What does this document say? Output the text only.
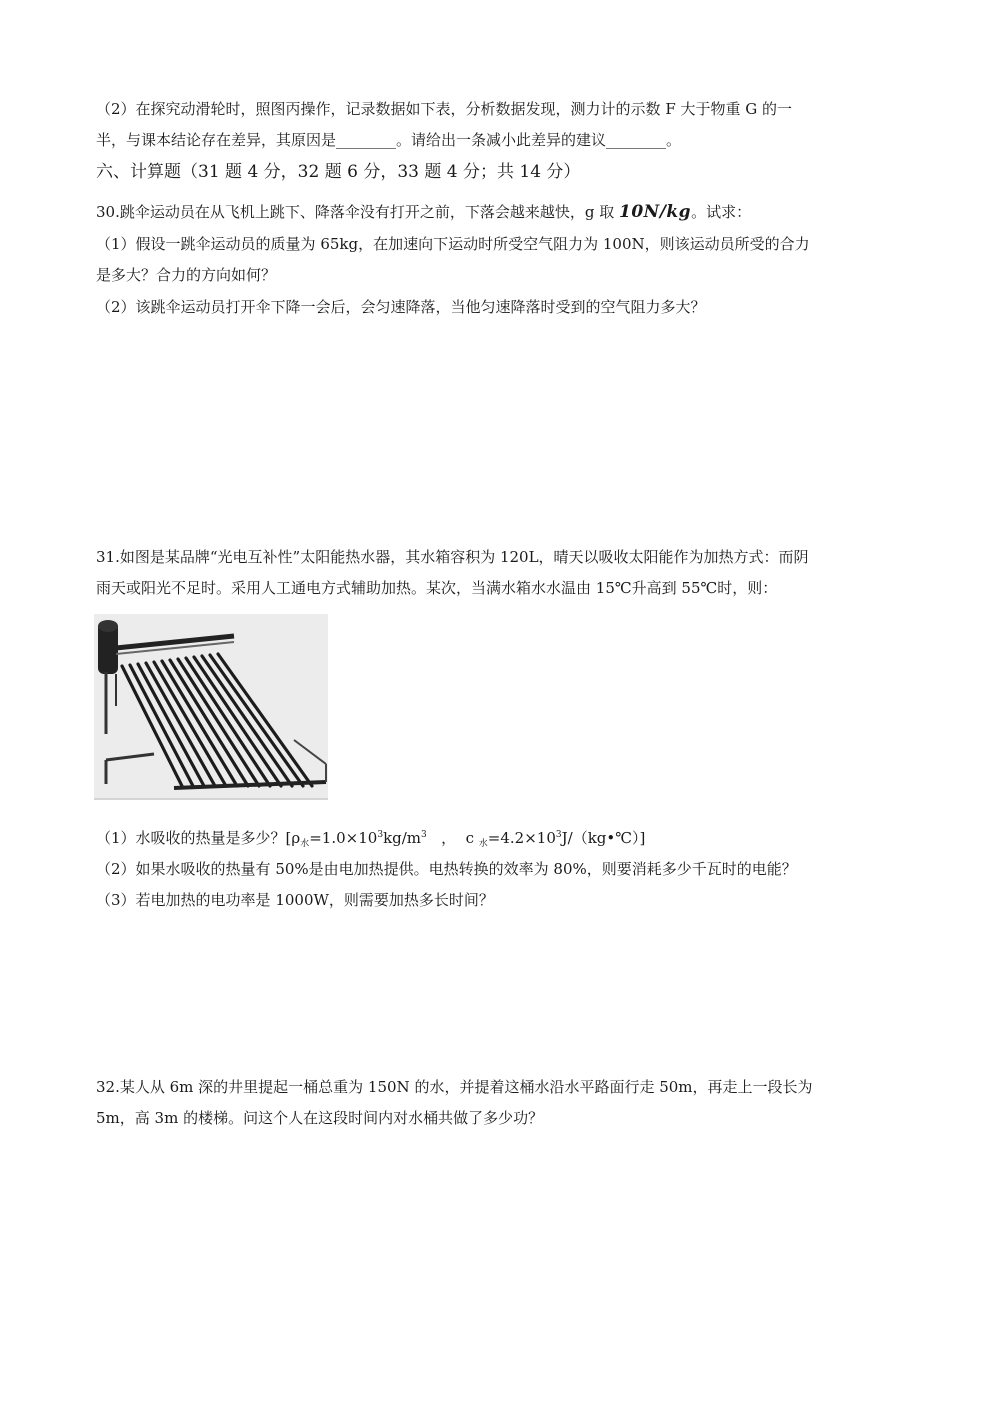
（2）在探究动滑轮时，照图丙操作，记录数据如下表，分析数据发现，测力计的示数 F 大于物重 G 的一
半，与课本结论存在差异，其原因是________。请给出一条减小此差异的建议________。
六、计算题（31 题 4 分，32 题 6 分，33 题 4 分；共 14 分）
30.跳伞运动员在从飞机上跳下、降落伞没有打开之前，下落会越来越快，g 取 10N/kg。试求：
（1）假设一跳伞运动员的质量为 65kg，在加速向下运动时所受空气阻力为 100N，则该运动员所受的合力
是多大？合力的方向如何？
（2）该跳伞运动员打开伞下降一会后，会匀速降落，当他匀速降落时受到的空气阻力多大？
31.如图是某品牌“光电互补性”太阳能热水器，其水箱容积为 120L，晴天以吸收太阳能作为加热方式：而阴
雨天或阳光不足时。采用人工通电方式辅助加热。某次，当满水箱水水温由 15℃升高到 55℃时，则：
（1）水吸收的热量是多少？[$\rho_水=1.0\times 10^3kg/m^3$   ，  c $_水=4.2\times 10^3J/(kg•℃)$]
（2）如果水吸收的热量有 50%是由电加热提供。电热转换的效率为 80%，则要消耗多少千瓦时的电能？
（3）若电加热的电功率是 1000W，则需要加热多长时间？
32.某人从 6m 深的井里提起一桶总重为 150N 的水，并提着这桶水沿水平路面行走 50m，再走上一段长为
5m，高 3m 的楼梯。问这个人在这段时间内对水桶共做了多少功？
